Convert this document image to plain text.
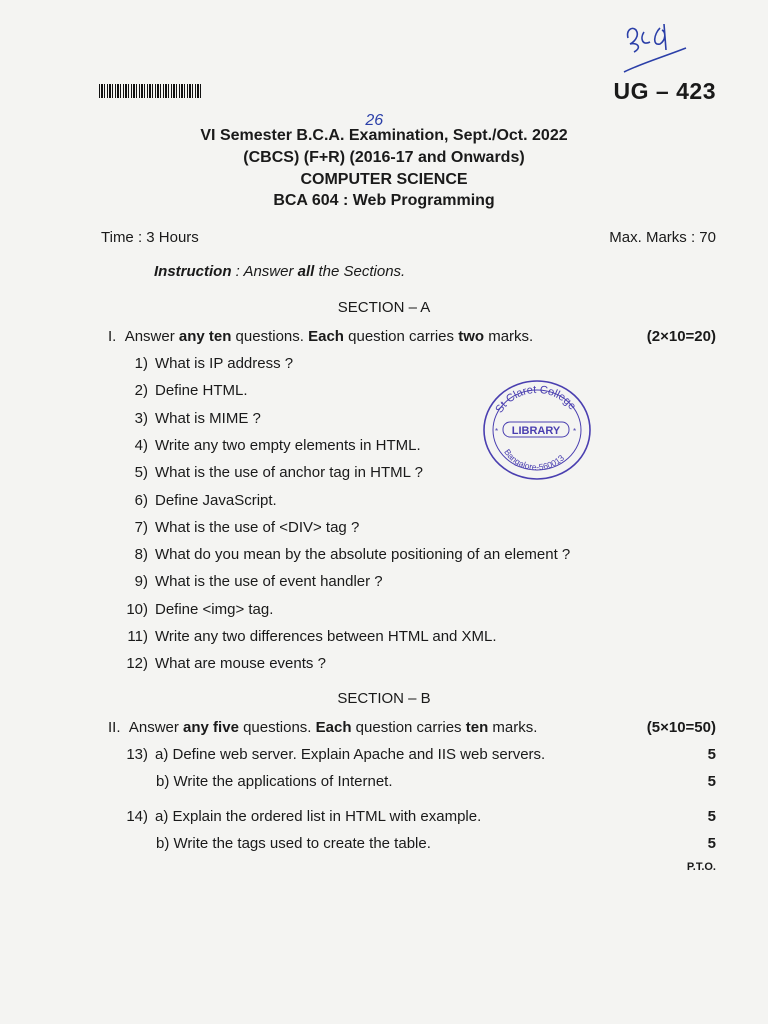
BCA
UG – 423
VI Semester B.C.A. Exa
26
mination, Sept./Oct. 2022
(CBCS) (F+R) (2016-17 and Onwards)
COMPUTER SCIENCE
BCA 604 : Web Programming
Time : 3 Hours	Max. Marks : 70
Instruction : Answer all the Sections.
SECTION – A
I. Answer any ten questions. Each question carries two marks.	(2×10=20)
1) What is IP address ?
2) Define HTML.
3) What is MIME ?
4) Write any two empty elements in HTML.
5) What is the use of anchor tag in HTML ?
6) Define JavaScript.
7) What is the use of <DIV> tag ?
8) What do you mean by the absolute positioning of an element ?
9) What is the use of event handler ?
10) Define <img> tag.
11) Write any two differences between HTML and XML.
12) What are mouse events ?
St Claret College
Bangalore-560013
LIBRARY
*	*
SECTION – B
II. Answer any five questions. Each question carries ten marks.	(5×10=50)
13) a) Define web server. Explain Apache and IIS web servers.	5
b) Write the applications of Internet.	5
14) a) Explain the ordered list in HTML with example.	5
b) Write the tags used to create the table.	5
P.T.O.
